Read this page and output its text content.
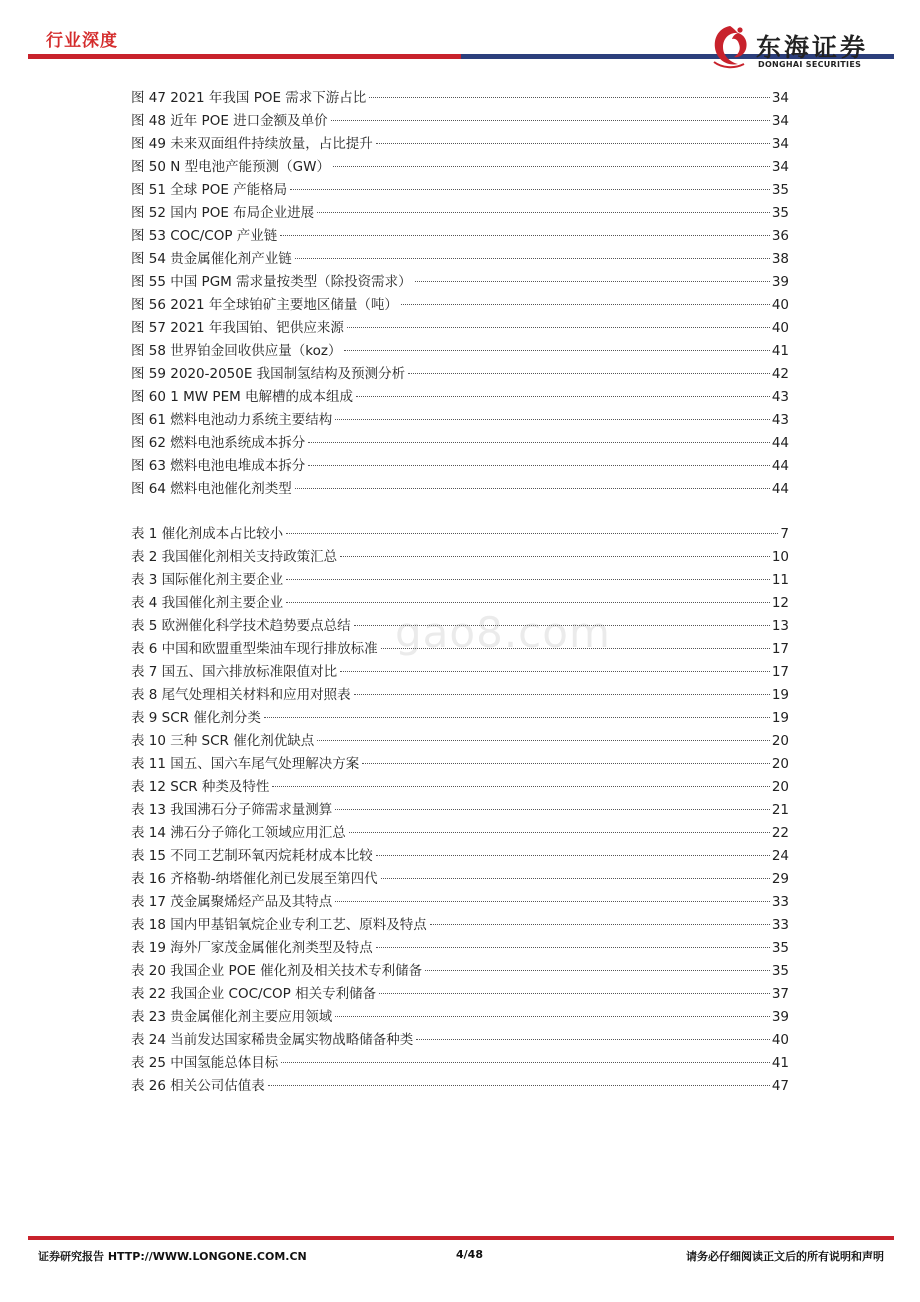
行业深度	东海证券
DONGHAI SECURITIES
图 47 2021 年我国 POE 需求下游占比	34
图 48 近年 POE 进口金额及单价	34
图 49 未来双面组件持续放量，占比提升	34
图 50 N 型电池产能预测（GW）	34
图 51 全球 POE 产能格局	35
图 52 国内 POE 布局企业进展	35
图 53 COC/COP 产业链	36
图 54 贵金属催化剂产业链	38
图 55 中国 PGM 需求量按类型（除投资需求）	39
图 56 2021 年全球铂矿主要地区储量（吨）	40
图 57 2021 年我国铂、钯供应来源	40
图 58 世界铂金回收供应量（koz）	41
图 59 2020-2050E 我国制氢结构及预测分析	42
图 60 1 MW PEM 电解槽的成本组成	43
图 61 燃料电池动力系统主要结构	43
图 62 燃料电池系统成本拆分	44
图 63 燃料电池电堆成本拆分	44
图 64 燃料电池催化剂类型	44
表 1 催化剂成本占比较小	7
表 2 我国催化剂相关支持政策汇总	10
表 3 国际催化剂主要企业	11
表 4 我国催化剂主要企业	12
表 5 欧洲催化科学技术趋势要点总结	13
表 6 中国和欧盟重型柴油车现行排放标准	17
表 7 国五、国六排放标准限值对比	17
表 8 尾气处理相关材料和应用对照表	19
表 9 SCR 催化剂分类	19
表 10 三种 SCR 催化剂优缺点	20
表 11 国五、国六车尾气处理解决方案	20
表 12 SCR 种类及特性	20
表 13 我国沸石分子筛需求量测算	21
表 14 沸石分子筛化工领域应用汇总	22
表 15 不同工艺制环氧丙烷耗材成本比较	24
表 16 齐格勒-纳塔催化剂已发展至第四代	29
表 17 茂金属聚烯烃产品及其特点	33
表 18 国内甲基铝氧烷企业专利工艺、原料及特点	33
表 19 海外厂家茂金属催化剂类型及特点	35
表 20 我国企业 POE 催化剂及相关技术专利储备	35
表 22 我国企业 COC/COP 相关专利储备	37
表 23 贵金属催化剂主要应用领域	39
表 24 当前发达国家稀贵金属实物战略储备种类	40
表 25 中国氢能总体目标	41
表 26 相关公司估值表	47
gao8.com
证券研究报告 HTTP://WWW.LONGONE.COM.CN	4/48	请务必仔细阅读正文后的所有说明和声明
